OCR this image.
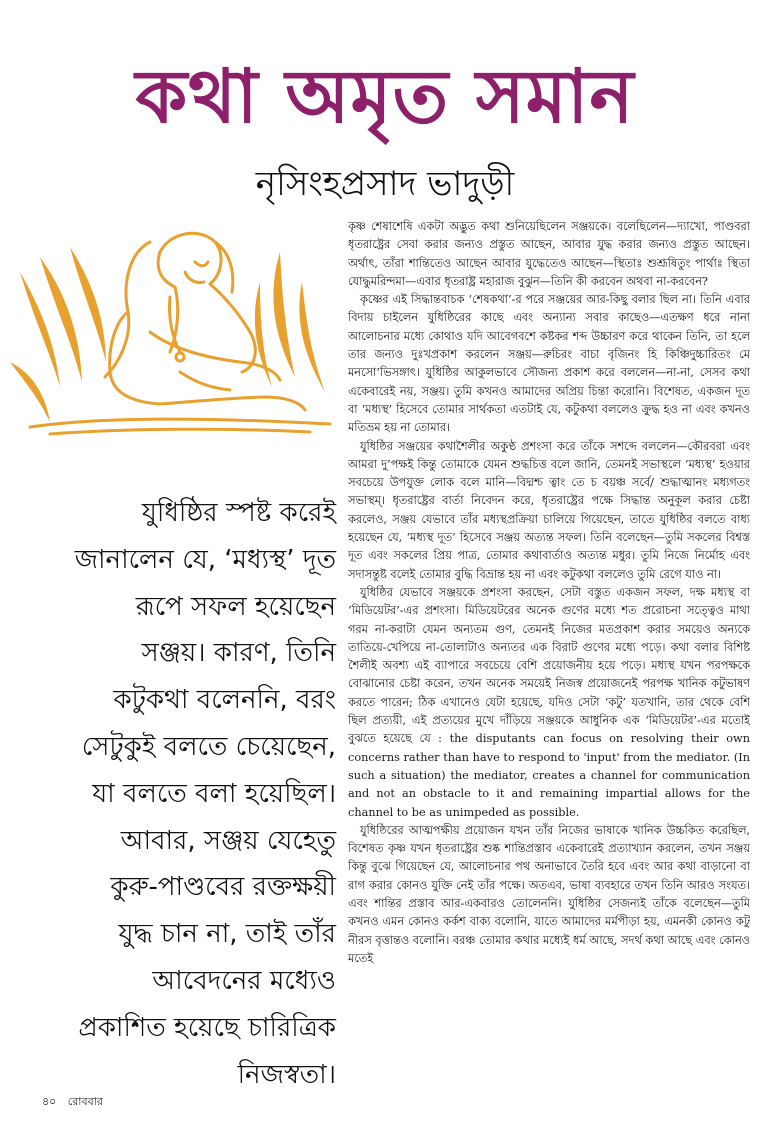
কথা অমৃত সমান
নৃসিংহপ্রসাদ ভাদুড়ী
যুধিষ্ঠির স্পষ্ট করেই জানালেন যে, ‘মধ্যস্থ’ দূত রূপে সফল হয়েছেন সঞ্জয়। কারণ, তিনি কটুকথা বলেননি, বরং সেটুকুই বলতে চেয়েছেন, যা বলতে বলা হয়েছিল। আবার, সঞ্জয় যেহেতু কুরু-পাণ্ডবের রক্তক্ষয়ী যুদ্ধ চান না, তাই তাঁর আবেদনের মধ্যেও প্রকাশিত হয়েছে চারিত্রিক নিজস্বতা।

কৃষ্ণ শেষাশেষি একটা অদ্ভুত কথা শুনিয়েছিলেন সঞ্জয়কে। বলেছিলেন—দ্যাখো, পাণ্ডবরা ধৃতরাষ্ট্রের সেবা করার জন্যও প্রস্তুত আছেন, আবার যুদ্ধ করার জন্যও প্রস্তুত আছেন। অর্থাৎ, তাঁরা শান্তিতেও আছেন আবার যুদ্ধেতেও আছেন—স্থিতাঃ শুশ্রূষিতুং পার্থাঃ স্থিতা যোদ্ধুমরিন্দমা—এবার ধৃতরাষ্ট্র মহারাজ বুঝুন—তিনি কী করবেন অথবা না-করবেন?

কৃষ্ণের এই সিদ্ধান্তবাচক ‘শেষকথা’-র পরে সঞ্জয়ের আর-কিছু বলার ছিল না। তিনি এবার বিদায় চাইলেন যুধিষ্ঠিরের কাছে এবং অন্যান্য সবার কাছেও—এতক্ষণ ধরে নানা আলোচনার মধ্যে কোথাও যদি আবেগবশে কষ্টকর শব্দ উচ্চারণ করে থাকেন তিনি, তা হলে তার জন্যও দুঃখপ্রকাশ করলেন সঞ্জয়—রুচিরং বাচা বৃজিনং হি কিঞ্চিদুচ্চারিতং মে মনসো’ভিসঙ্গাৎ। যুধিষ্ঠির আকুলভাবে সৌজন্য প্রকাশ করে বললেন—না-না, সেসব কথা একেবারেই নয়, সঞ্জয়। তুমি কখনও আমাদের অপ্রিয় চিন্তা করোনি। বিশেষত, একজন দূত বা ‘মধ্যস্থ’ হিসেবে তোমার সার্থকতা এতটাই যে, কটুকথা বললেও ক্রুদ্ধ হও না এবং কখনও মতিভ্রম হয় না তোমার।

যুধিষ্ঠির সঞ্জয়ের কথাশৈলীর অকুণ্ঠ প্রশংসা করে তাঁকে সশব্দে বললেন—কৌরবরা এবং আমরা দু’পক্ষই কিন্তু তোমাকে যেমন শুদ্ধচিত্ত বলে জানি, তেমনই সভাস্থলে ‘মধ্যস্থ’ হওয়ার সবচেয়ে উপযুক্ত লোক বলে মানি—বিদ্মশ্চ ত্বাং তে চ বয়ঞ্চ সর্বে/ শুদ্ধাত্মানং মধ্যগতং সভাস্থম্। ধৃতরাষ্ট্রের বার্তা নিবেদন করে, ধৃতরাষ্ট্রের পক্ষে সিদ্ধান্ত অনুকূল করার চেষ্টা করলেও, সঞ্জয় যেভাবে তাঁর মধ্যস্থপ্রক্রিয়া চালিয়ে গিয়েছেন, তাতে যুধিষ্ঠির বলতে বাধ্য হয়েছেন যে, ‘মধ্যস্থ দূত’ হিসেবে সঞ্জয় অত্যন্ত সফল। তিনি বলেছেন—তুমি সকলের বিশ্বস্ত দূত এবং সকলের প্রিয় পাত্র, তোমার কথাবার্তাও অত্যন্ত মধুর। তুমি নিজে নির্মোহ এবং সদাসন্তুষ্ট বলেই তোমার বুদ্ধি বিভ্রান্ত হয় না এবং কটুকথা বললেও তুমি রেগে যাও না।

যুধিষ্ঠির যেভাবে সঞ্জয়কে প্রশংসা করছেন, সেটা বস্তুত একজন সফল, দক্ষ মধ্যস্থ বা ‘মিডিয়েটর’-এর প্রশংসা। মিডিয়েটরের অনেক গুণের মধ্যে শত প্ররোচনা সত্ত্বেও মাথা গরম না-করাটা যেমন অন্যতম গুণ, তেমনই নিজের মতপ্রকাশ করার সময়েও অন্যকে তাতিয়ে-খেপিয়ে না-তোলাটাও অন্যতর এক বিরাট গুণের মধ্যে পড়ে। কথা বলার বিশিষ্ট শৈলীই অবশ্য এই ব্যাপারে সবচেয়ে বেশি প্রয়োজনীয় হয়ে পড়ে। মধ্যস্থ যখন পরপক্ষকে বোঝানোর চেষ্টা করেন, তখন অনেক সময়েই নিজস্ব প্রয়োজনেই পরপক্ষ খানিক কটুভাষণ করতে পারেন; ঠিক এখানেও যেটা হয়েছে, যদিও সেটা ‘কটু’ যতখানি, তার থেকে বেশি ছিল প্রত্যয়ী, এই প্রত্যয়ের মুখে দাঁড়িয়ে সঞ্জয়কে আধুনিক এক ‘মিডিয়েটর’-এর মতোই বুঝতে হয়েছে যে : the disputants can focus on resolving their own concerns rather than have to respond to 'input' from the mediator. (In such a situation) the mediator, creates a channel for communication and not an obstacle to it and remaining impartial allows for the channel to be as unimpeded as possible.

যুধিষ্ঠিরের আত্মপক্ষীয় প্রয়োজন যখন তাঁর নিজের ভাষাকে খানিক উচ্চকিত করেছিল, বিশেষত কৃষ্ণ যখন ধৃতরাষ্ট্রের শুষ্ক শান্তিপ্রস্তাব একেবারেই প্রত্যাখ্যান করলেন, তখন সঞ্জয় কিন্তু বুঝে গিয়েছেন যে, আলোচনার পথ অনাভাবে তৈরি হবে এবং আর কথা বাড়ানো বা রাগ করার কোনও যুক্তি নেই তাঁর পক্ষে। অতএব, ভাষা ব্যবহারে তখন তিনি আরও সংযত। এবং শান্তির প্রস্তাব আর-একবারও তোলেননি। যুধিষ্ঠির সেজন্যই তাঁকে বলেছেন—তুমি কখনও এমন কোনও কর্কশ বাক্য বলোনি, যাতে আমাদের মর্মপীড়া হয়, এমনকী কোনও কটু নীরস বৃত্তান্তও বলোনি। বরঞ্চ তোমার কথার মধ্যেই ধর্ম আছে, সদর্থ কথা আছে এবং কোনও মতেই

৪০ রোববার
